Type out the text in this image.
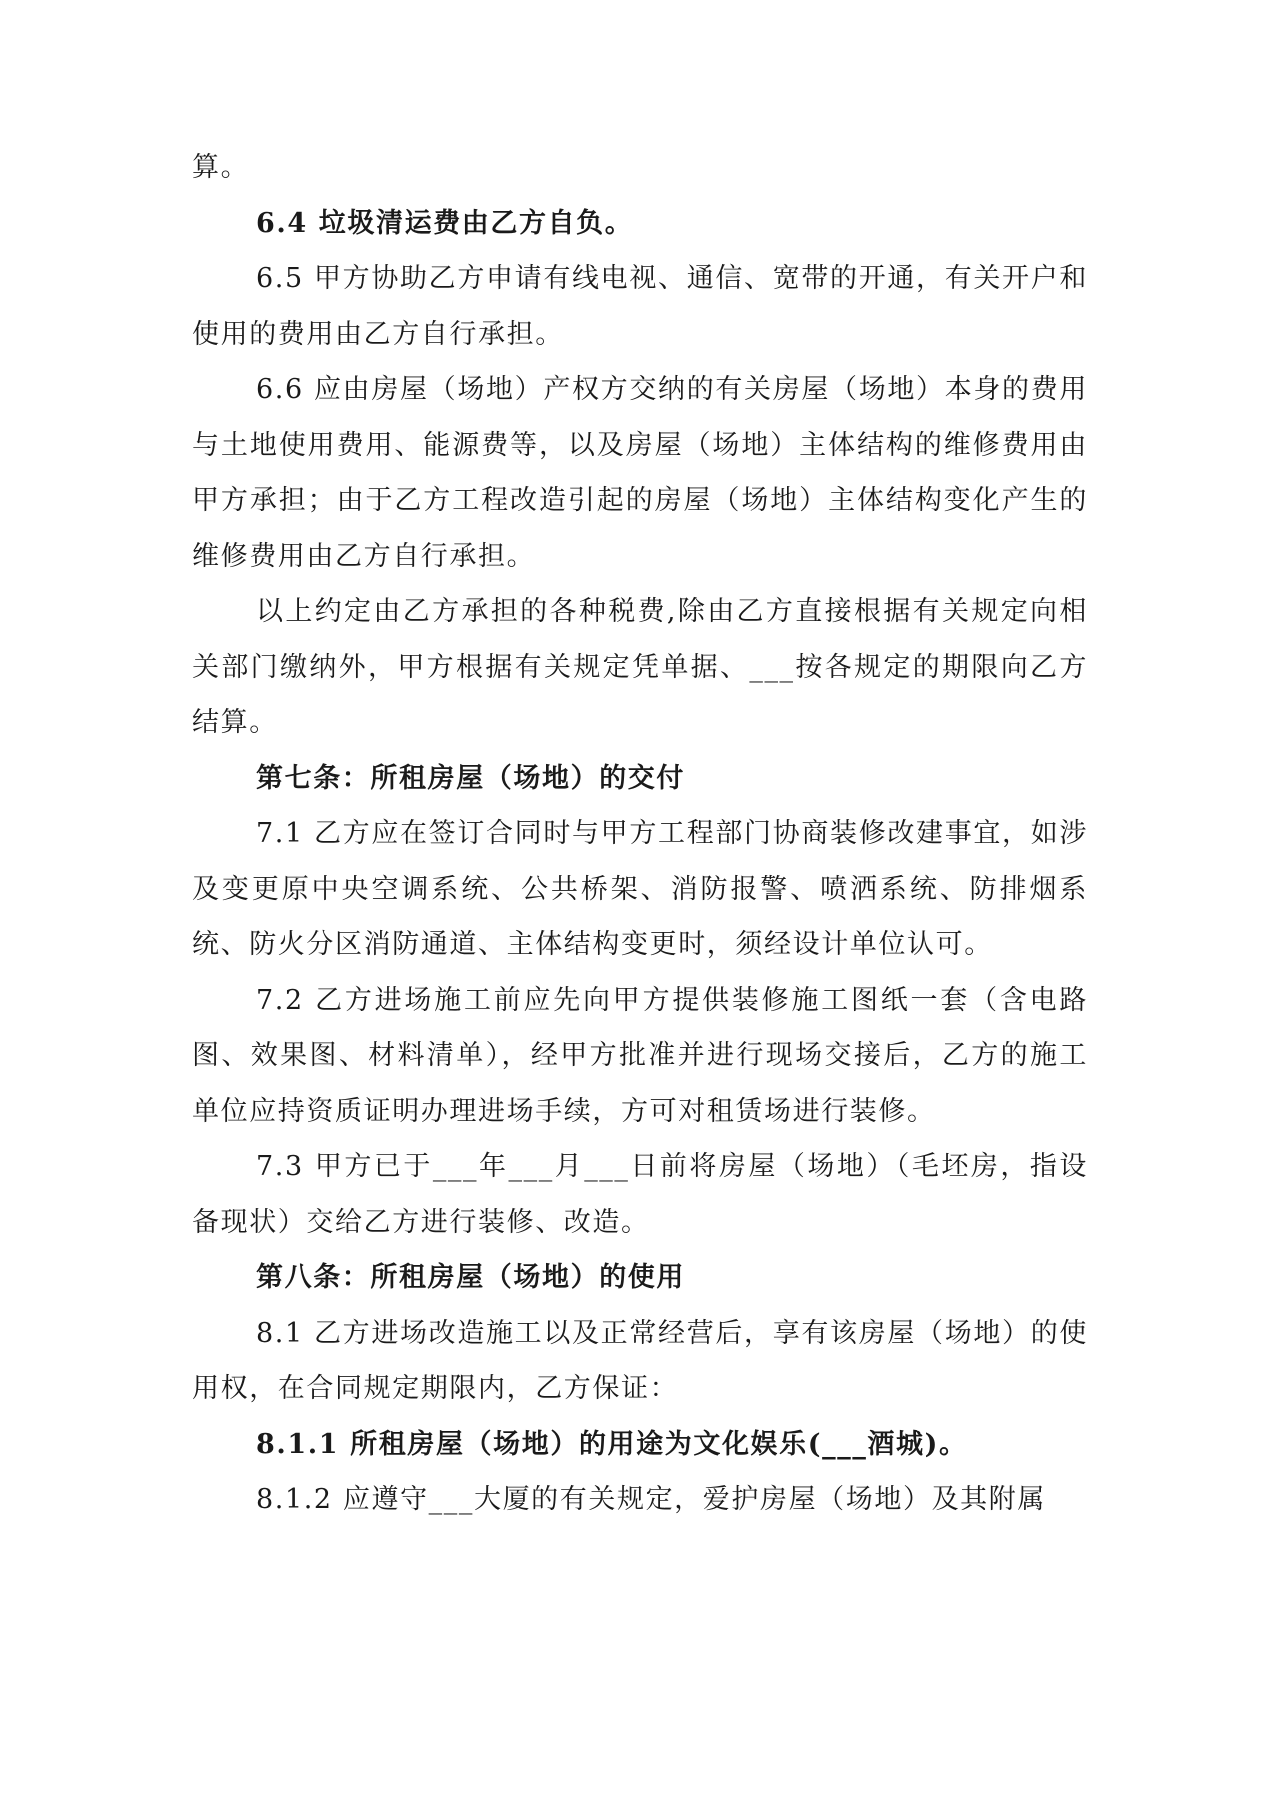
算。

6.4 垃圾清运费由乙方自负。

6.5 甲方协助乙方申请有线电视、通信、宽带的开通，有关开户和使用的费用由乙方自行承担。

6.6 应由房屋（场地）产权方交纳的有关房屋（场地）本身的费用与土地使用费用、能源费等，以及房屋（场地）主体结构的维修费用由甲方承担；由于乙方工程改造引起的房屋（场地）主体结构变化产生的维修费用由乙方自行承担。

以上约定由乙方承担的各种税费,除由乙方直接根据有关规定向相关部门缴纳外，甲方根据有关规定凭单据、___按各规定的期限向乙方结算。

第七条：所租房屋（场地）的交付

7.1 乙方应在签订合同时与甲方工程部门协商装修改建事宜，如涉及变更原中央空调系统、公共桥架、消防报警、喷洒系统、防排烟系统、防火分区消防通道、主体结构变更时，须经设计单位认可。

7.2 乙方进场施工前应先向甲方提供装修施工图纸一套（含电路图、效果图、材料清单），经甲方批准并进行现场交接后，乙方的施工单位应持资质证明办理进场手续，方可对租赁场进行装修。

7.3 甲方已于___年___月___日前将房屋（场地）（毛坯房，指设备现状）交给乙方进行装修、改造。

第八条：所租房屋（场地）的使用

8.1 乙方进场改造施工以及正常经营后，享有该房屋（场地）的使用权，在合同规定期限内，乙方保证：

8.1.1 所租房屋（场地）的用途为文化娱乐(___酒城)。

8.1.2 应遵守___大厦的有关规定，爱护房屋（场地）及其附属
